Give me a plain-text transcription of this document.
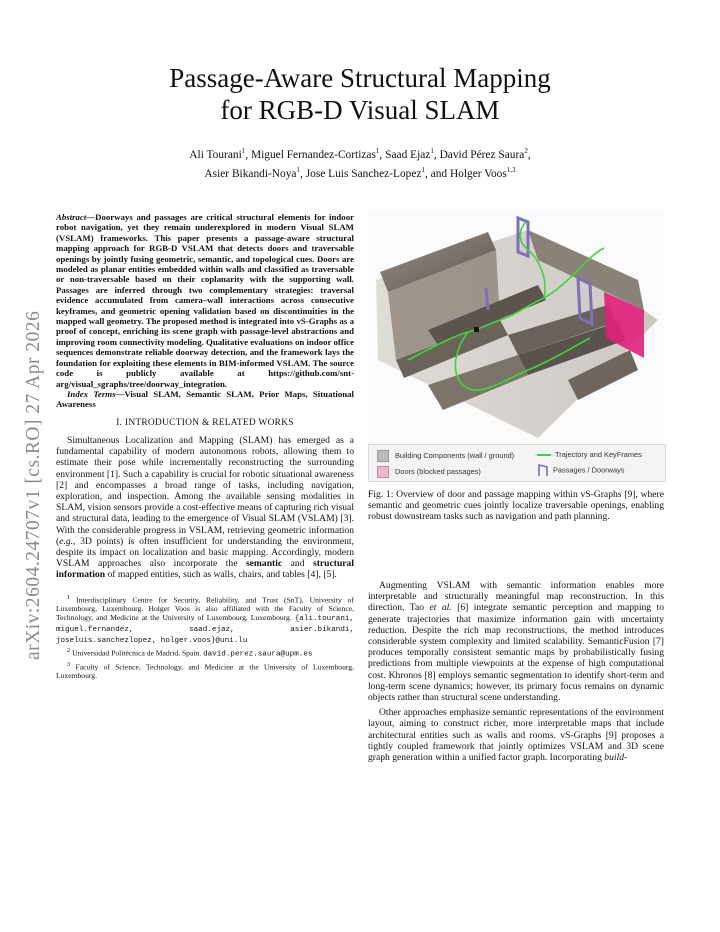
Passage-Aware Structural Mapping
for RGB-D Visual SLAM
Ali Tourani$^1$, Miguel Fernandez-Cortizas$^1$, Saad Ejaz$^1$, David Pérez Saura$^2$,
Asier Bikandi-Noya$^1$, Jose Luis Sanchez-Lopez$^1$, and Holger Voos$^{1,3}$
arXiv:2604.24707v1 [cs.RO] 27 Apr 2026

Abstract—Doorways and passages are critical structural elements for indoor robot navigation, yet they remain underexplored in modern Visual SLAM (VSLAM) frameworks. This paper presents a passage-aware structural mapping approach for RGB-D VSLAM that detects doors and traversable openings by jointly fusing geometric, semantic, and topological cues. Doors are modeled as planar entities embedded within walls and classified as traversable or non-traversable based on their coplanarity with the supporting wall. Passages are inferred through two complementary strategies: traversal evidence accumulated from camera–wall interactions across consecutive keyframes, and geometric opening validation based on discontinuities in the mapped wall geometry. The proposed method is integrated into vS-Graphs as a proof of concept, enriching its scene graph with passage-level abstractions and improving room connectivity modeling. Qualitative evaluations on indoor office sequences demonstrate reliable doorway detection, and the framework lays the foundation for exploiting these elements in BIM-informed VSLAM. The source code is publicly available at https://github.com/snt-arg/visual_sgraphs/tree/doorway_integration.

Index Terms—Visual SLAM, Semantic SLAM, Prior Maps, Situational Awareness

I. INTRODUCTION & RELATED WORKS

Simultaneous Localization and Mapping (SLAM) has emerged as a fundamental capability of modern autonomous robots, allowing them to estimate their pose while incrementally reconstructing the surrounding environment [1]. Such a capability is crucial for robotic situational awareness [2] and encompasses a broad range of tasks, including navigation, exploration, and inspection. Among the available sensing modalities in SLAM, vision sensors provide a cost-effective means of capturing rich visual and structural data, leading to the emergence of Visual SLAM (VSLAM) [3]. With the considerable progress in VSLAM, retrieving geometric information (e.g., 3D points) is often insufficient for understanding the environment, despite its impact on localization and basic mapping. Accordingly, modern VSLAM approaches also incorporate the semantic and structural information of mapped entities, such as walls, chairs, and tables [4], [5].

$^1$ Interdisciplinary Centre for Security, Reliability, and Trust (SnT), University of Luxembourg, Luxembourg. Holger Voos is also affiliated with the Faculty of Science, Technology, and Medicine at the University of Luxembourg, Luxembourg. {ali.tourani, miguel.fernandez, saad.ejaz, asier.bikandi, joseluis.sanchezlopez, holger.voos}@uni.lu

$^2$ Universidad Politécnica de Madrid, Spain. david.perez.saura@upm.es

$^3$ Faculty of Science, Technology, and Medicine at the University of Luxembourg, Luxembourg.

Building Components (wall / ground)	Trajectory and KeyFrames
Doors (blocked passages)	Passages / Doorways

Fig. 1: Overview of door and passage mapping within vS-Graphs [9], where semantic and geometric cues jointly localize traversable openings, enabling robust downstream tasks such as navigation and path planning.

Augmenting VSLAM with semantic information enables more interpretable and structurally meaningful map reconstruction. In this direction, Tao et al. [6] integrate semantic perception and mapping to generate trajectories that maximize information gain with uncertainty reduction. Despite the rich map reconstructions, the method introduces considerable system complexity and limited scalability. SemanticFusion [7] produces temporally consistent semantic maps by probabilistically fusing predictions from multiple viewpoints at the expense of high computational cost. Khronos [8] employs semantic segmentation to identify short-term and long-term scene dynamics; however, its primary focus remains on dynamic objects rather than structural scene understanding.

Other approaches emphasize semantic representations of the environment layout, aiming to construct richer, more interpretable maps that include architectural entities such as walls and rooms. vS-Graphs [9] proposes a tightly coupled framework that jointly optimizes VSLAM and 3D scene graph generation within a unified factor graph. Incorporating build-
